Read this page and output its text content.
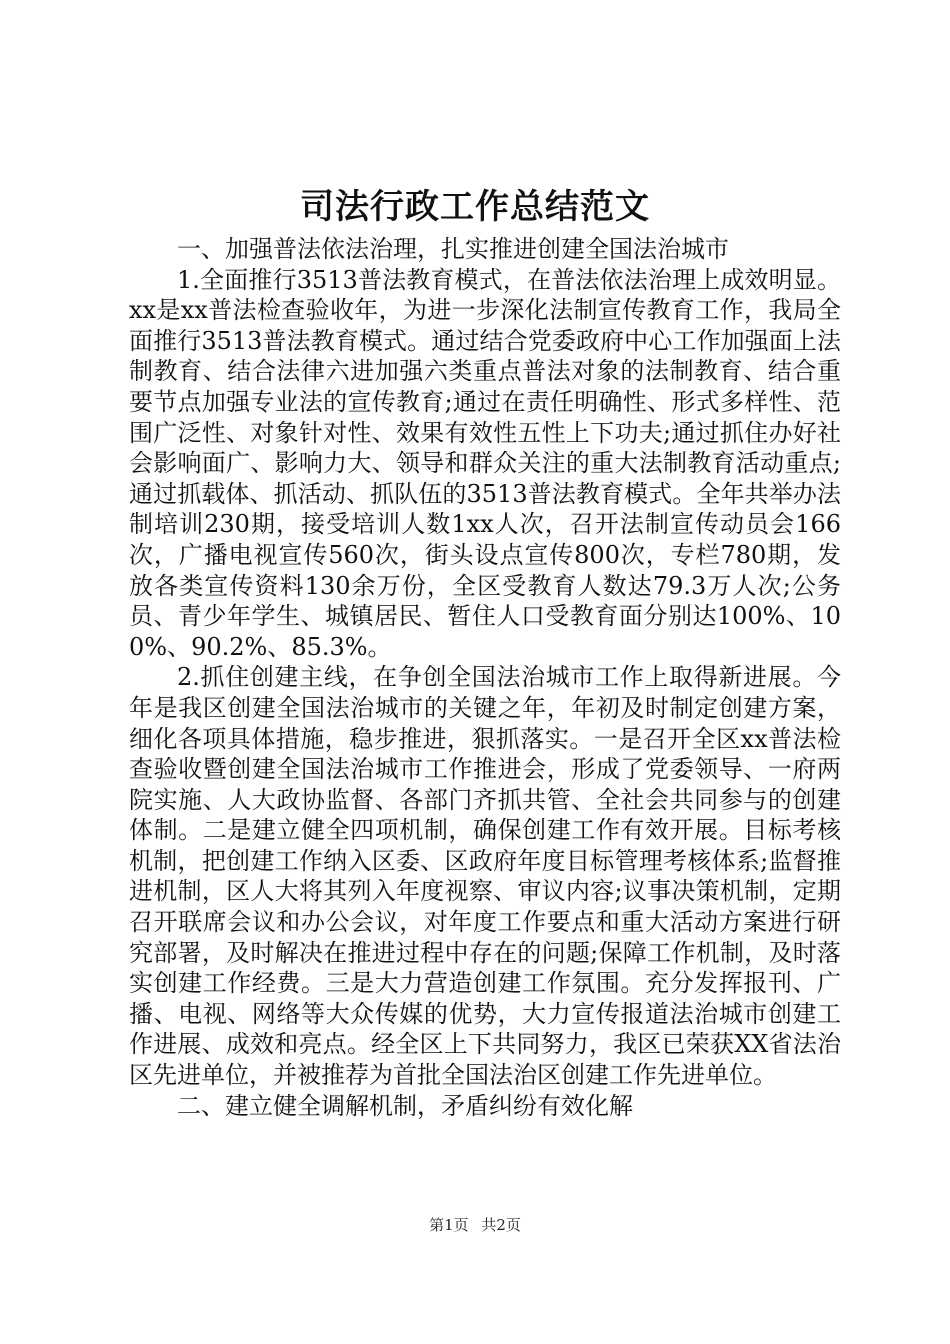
司法行政工作总结范文

一、加强普法依法治理，扎实推进创建全国法治城市

1.全面推行3513普法教育模式，在普法依法治理上成效明显。xx是xx普法检查验收年，为进一步深化法制宣传教育工作，我局全面推行3513普法教育模式。通过结合党委政府中心工作加强面上法制教育、结合法律六进加强六类重点普法对象的法制教育、结合重要节点加强专业法的宣传教育;通过在责任明确性、形式多样性、范围广泛性、对象针对性、效果有效性五性上下功夫;通过抓住办好社会影响面广、影响力大、领导和群众关注的重大法制教育活动重点;通过抓载体、抓活动、抓队伍的3513普法教育模式。全年共举办法制培训230期，接受培训人数1xx人次，召开法制宣传动员会166次，广播电视宣传560次，街头设点宣传800次，专栏780期，发放各类宣传资料130余万份，全区受教育人数达79.3万人次;公务员、青少年学生、城镇居民、暂住人口受教育面分别达100%、100%、90.2%、85.3%。

2.抓住创建主线，在争创全国法治城市工作上取得新进展。今年是我区创建全国法治城市的关键之年，年初及时制定创建方案，细化各项具体措施，稳步推进，狠抓落实。一是召开全区xx普法检查验收暨创建全国法治城市工作推进会，形成了党委领导、一府两院实施、人大政协监督、各部门齐抓共管、全社会共同参与的创建体制。二是建立健全四项机制，确保创建工作有效开展。目标考核机制，把创建工作纳入区委、区政府年度目标管理考核体系;监督推进机制，区人大将其列入年度视察、审议内容;议事决策机制，定期召开联席会议和办公会议，对年度工作要点和重大活动方案进行研究部署，及时解决在推进过程中存在的问题;保障工作机制，及时落实创建工作经费。三是大力营造创建工作氛围。充分发挥报刊、广播、电视、网络等大众传媒的优势，大力宣传报道法治城市创建工作进展、成效和亮点。经全区上下共同努力，我区已荣获XX省法治区先进单位，并被推荐为首批全国法治区创建工作先进单位。

二、建立健全调解机制，矛盾纠纷有效化解

第1页 共2页
